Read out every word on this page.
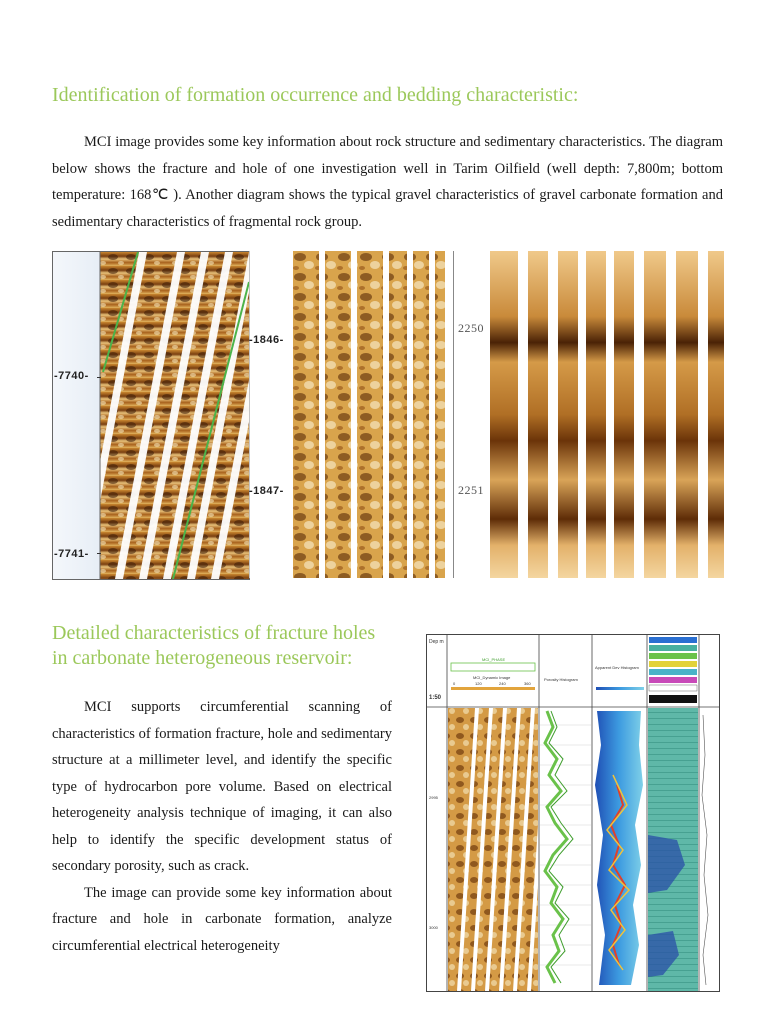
Identification of formation occurrence and bedding characteristic:

MCI image provides some key information about rock structure and sedimentary characteristics. The diagram below shows the fracture and hole of one investigation well in Tarim Oilfield (well depth: 7,800m; bottom temperature: 168℃ ). Another diagram shows the typical gravel characteristics of gravel carbonate formation and sedimentary characteristics of fragmental rock group.

-7740-
-7741-
-1846-
-1847-
2250
2251
Detailed characteristics of fracture holes
in carbonate heterogeneous reservoir:

MCI supports circumferential scanning of characteristics of formation fracture, hole and sedimentary structure at a millimeter level, and identify the specific type of hydrocarbon pore volume. Based on electrical heterogeneity analysis technique of imaging, it can also help to identify the specific development status of secondary porosity, such as crack.

The image can provide some key information about fracture and hole in carbonate formation, analyze circumferential electrical heterogeneity

Dep m
1:50
MCI_PHASE
MCI_Dynamic Image
0	120	240	360
Porosity Histogram
Apparent Dev Histogram
2995
3000
